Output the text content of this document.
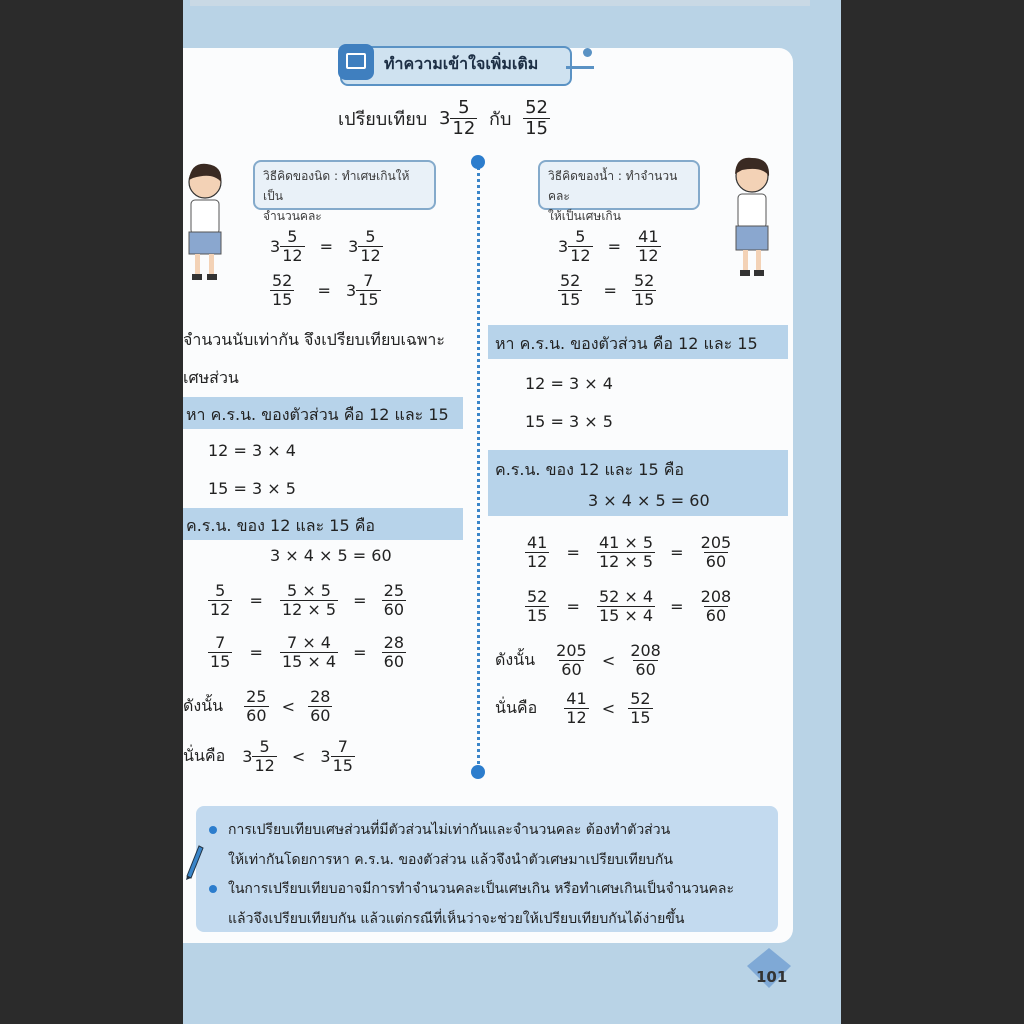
ทำความเข้าใจเพิ่มเติม
เปรียบเทียบ $3 \frac{5}{12}$ กับ $\frac{52}{15}$
วิธีคิดของนิด : ทำเศษเกินให้เป็น
จำนวนคละ
วิธีคิดของน้ำ : ทำจำนวนคละ
ให้เป็นเศษเกิน
$3 \frac{5}{12} = 3 \frac{5}{12}$
$\frac{52}{15} = 3 \frac{7}{15}$
จำนวนนับเท่ากัน จึงเปรียบเทียบเฉพาะ
เศษส่วน
หา ค.ร.น. ของตัวส่วน คือ 12 และ 15
12 = 3 × 4
15 = 3 × 5
ค.ร.น. ของ 12 และ 15 คือ
3 × 4 × 5 = 60
$\frac{5}{12} = \frac{5 \times 5}{12 \times 5} = \frac{25}{60}$
$\frac{7}{15} = \frac{7 \times 4}{15 \times 4} = \frac{28}{60}$
ดังนั้น $\frac{25}{60} < \frac{28}{60}$
นั่นคือ $3 \frac{5}{12} < 3 \frac{7}{15}$
$3 \frac{5}{12} = \frac{41}{12}$
$\frac{52}{15} = \frac{52}{15}$
หา ค.ร.น. ของตัวส่วน คือ 12 และ 15
12 = 3 × 4
15 = 3 × 5
ค.ร.น. ของ 12 และ 15 คือ
3 × 4 × 5 = 60
$\frac{41}{12} = \frac{41 \times 5}{12 \times 5} = \frac{205}{60}$
$\frac{52}{15} = \frac{52 \times 4}{15 \times 4} = \frac{208}{60}$
ดังนั้น $\frac{205}{60} < \frac{208}{60}$
นั่นคือ $\frac{41}{12} < \frac{52}{15}$
การเปรียบเทียบเศษส่วนที่มีตัวส่วนไม่เท่ากันและจำนวนคละ ต้องทำตัวส่วน
ให้เท่ากันโดยการหา ค.ร.น. ของตัวส่วน แล้วจึงนำตัวเศษมาเปรียบเทียบกัน
ในการเปรียบเทียบอาจมีการทำจำนวนคละเป็นเศษเกิน หรือทำเศษเกินเป็นจำนวนคละ
แล้วจึงเปรียบเทียบกัน แล้วแต่กรณีที่เห็นว่าจะช่วยให้เปรียบเทียบกันได้ง่ายขึ้น
101
